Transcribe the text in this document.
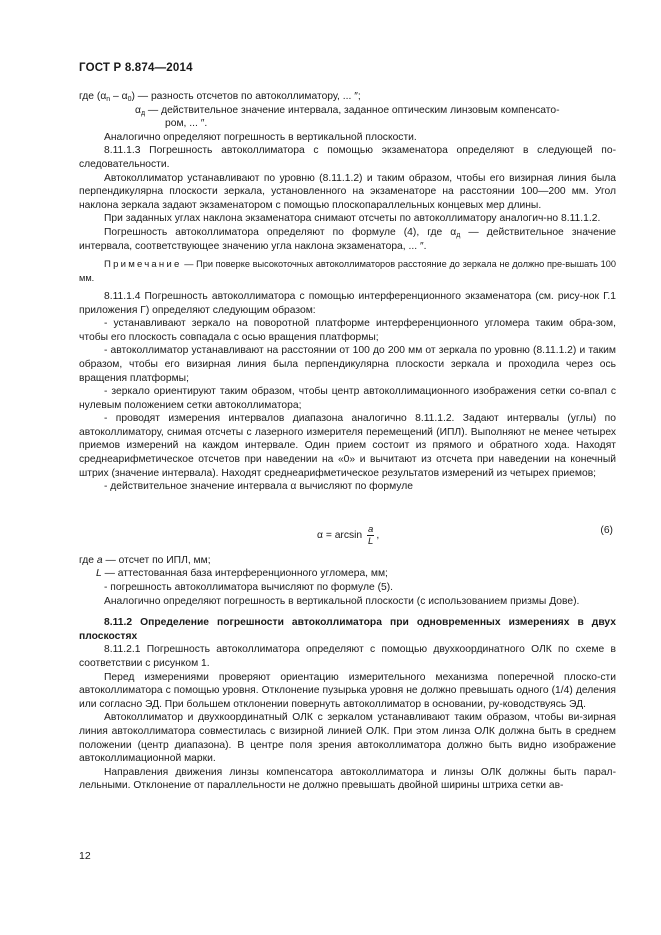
ГОСТ Р 8.874—2014

где $(\alpha_n - \alpha_0)$ — разность отсчетов по автоколлиматору, ... ″;

$\alpha_д$ — действительное значение интервала, заданное оптическим линзовым компенсато-

ром, ... ″.

Аналогично определяют погрешность в вертикальной плоскости.

8.11.1.3 Погрешность автоколлиматора с помощью экзаменатора определяют в следующей по-следовательности.

Автоколлиматор устанавливают по уровню (8.11.1.2) и таким образом, чтобы его визирная линия была перпендикулярна плоскости зеркала, установленного на экзаменаторе на расстоянии 100—200 мм. Угол наклона зеркала задают экзаменатором с помощью плоскопараллельных концевых мер длины.

При заданных углах наклона экзаменатора снимают отсчеты по автоколлиматору аналогич-но 8.11.1.2.

Погрешность автоколлиматора определяют по формуле (4), где $\alpha_д$ — действительное значение интервала, соответствующее значению угла наклона экзаменатора, ... ″.

Примечание — При поверке высокоточных автоколлиматоров расстояние до зеркала не должно пре-вышать 100 мм.

8.11.1.4 Погрешность автоколлиматора с помощью интерференционного экзаменатора (см. рису-нок Г.1 приложения Г) определяют следующим образом:

- устанавливают зеркало на поворотной платформе интерференционного угломера таким обра-зом, чтобы его плоскость совпадала с осью вращения платформы;

- автоколлиматор устанавливают на расстоянии от 100 до 200 мм от зеркала по уровню (8.11.1.2) и таким образом, чтобы его визирная линия была перпендикулярна плоскости зеркала и проходила через ось вращения платформы;

- зеркало ориентируют таким образом, чтобы центр автоколлимационного изображения сетки со-впал с нулевым положением сетки автоколлиматора;

- проводят измерения интервалов диапазона аналогично 8.11.1.2. Задают интервалы (углы) по автоколлиматору, снимая отсчеты с лазерного измерителя перемещений (ИПЛ). Выполняют не менее четырех приемов измерений на каждом интервале. Один прием состоит из прямого и обратного хода. Находят среднеарифметическое отсчетов при наведении на «0» и вычитают из отсчета при наведении на конечный штрих (значение интервала). Находят среднеарифметическое результатов измерений из четырех приемов;

- действительное значение интервала α вычисляют по формуле

$\alpha = \arcsin \frac{a}{L}$ ,	(6)

где a — отсчет по ИПЛ, мм;

L — аттестованная база интерференционного угломера, мм;

- погрешность автоколлиматора вычисляют по формуле (5).

Аналогично определяют погрешность в вертикальной плоскости (с использованием призмы Дове).

8.11.2 Определение погрешности автоколлиматора при одновременных измерениях в двух плоскостях

8.11.2.1 Погрешность автоколлиматора определяют с помощью двухкоординатного ОЛК по схеме в соответствии с рисунком 1.

Перед измерениями проверяют ориентацию измерительного механизма поперечной плоско-сти автоколлиматора с помощью уровня. Отклонение пузырька уровня не должно превышать одного (1/4) деления или согласно ЭД. При большем отклонении повернуть автоколлиматор в основании, ру-ководствуясь ЭД.

Автоколлиматор и двухкоординатный ОЛК с зеркалом устанавливают таким образом, чтобы ви-зирная линия автоколлиматора совместилась с визирной линией ОЛК. При этом линза ОЛК должна быть в среднем положении (центр диапазона). В центре поля зрения автоколлиматора должно быть видно изображение автоколлимационной марки.

Направления движения линзы компенсатора автоколлиматора и линзы ОЛК должны быть парал-лельными. Отклонение от параллельности не должно превышать двойной ширины штриха сетки ав-

12
